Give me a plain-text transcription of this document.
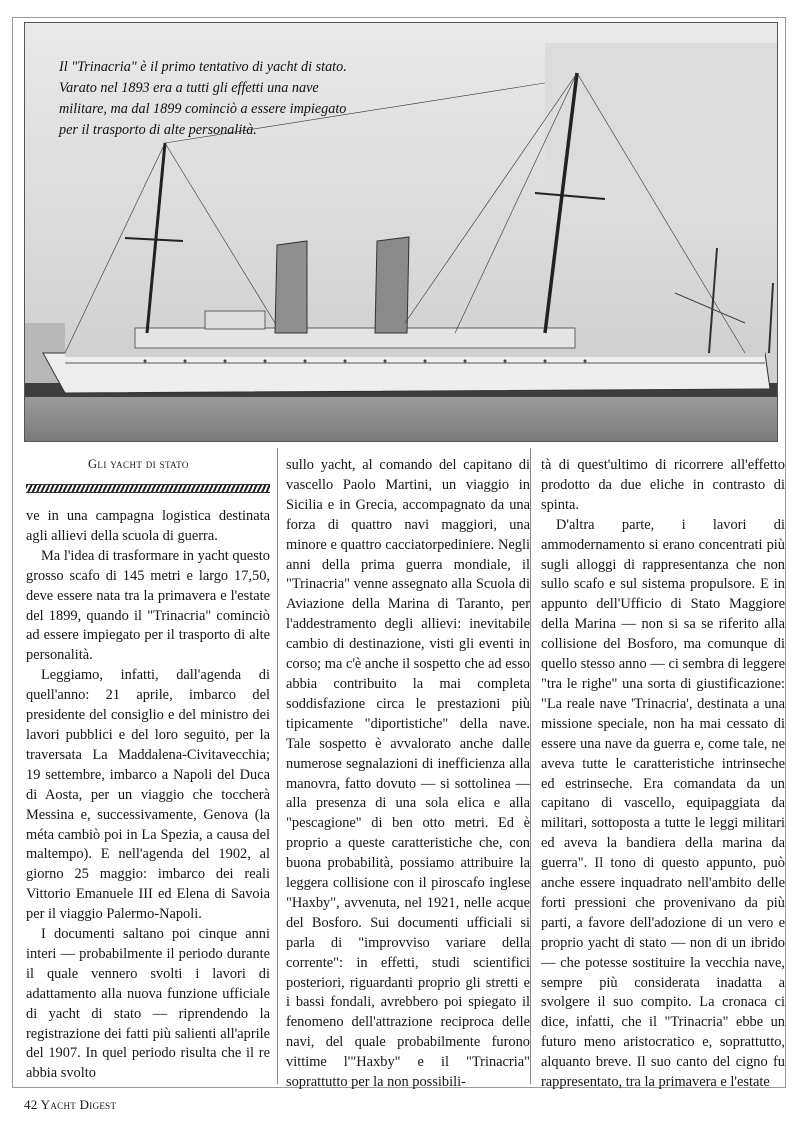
Il "Trinacria" è il primo tentativo di yacht di stato. Varato nel 1893 era a tutti gli effetti una nave militare, ma dal 1899 cominciò a essere impiegato per il trasporto di alte personalità.
Gli yacht di stato

ve in una campagna logistica destinata agli allievi della scuola di guerra.

Ma l'idea di trasformare in yacht questo grosso scafo di 145 metri e largo 17,50, deve essere nata tra la primavera e l'estate del 1899, quando il "Trinacria" cominciò ad essere impiegato per il trasporto di alte personalità.

Leggiamo, infatti, dall'agenda di quell'anno: 21 aprile, imbarco del presidente del consiglio e del ministro dei lavori pubblici e del loro seguito, per la traversata La Maddalena-Civitavecchia; 19 settembre, imbarco a Napoli del Duca di Aosta, per un viaggio che toccherà Messina e, successivamente, Genova (la méta cambiò poi in La Spezia, a causa del maltempo). E nell'agenda del 1902, al giorno 25 maggio: imbarco dei reali Vittorio Emanuele III ed Elena di Savoia per il viaggio Palermo-Napoli.

I documenti saltano poi cinque anni interi — probabilmente il periodo durante il quale vennero svolti i lavori di adattamento alla nuova funzione ufficiale di yacht di stato — riprendendo la registrazione dei fatti più salienti all'aprile del 1907. In quel periodo risulta che il re abbia svolto

sullo yacht, al comando del capitano di vascello Paolo Martini, un viaggio in Sicilia e in Grecia, accompagnato da una forza di quattro navi maggiori, una minore e quattro cacciatorpediniere. Negli anni della prima guerra mondiale, il "Trinacria" venne assegnato alla Scuola di Aviazione della Marina di Taranto, per l'addestramento degli allievi: inevitabile cambio di destinazione, visti gli eventi in corso; ma c'è anche il sospetto che ad esso abbia contribuito la mai completa soddisfazione circa le prestazioni più tipicamente "diportistiche" della nave. Tale sospetto è avvalorato anche dalle numerose segnalazioni di inefficienza alla manovra, fatto dovuto — si sottolinea — alla presenza di una sola elica e alla "pescagione" di ben otto metri. Ed è proprio a queste caratteristiche che, con buona probabilità, possiamo attribuire la leggera collisione con il piroscafo inglese "Haxby", avvenuta, nel 1921, nelle acque del Bosforo. Sui documenti ufficiali si parla di "improvviso variare della corrente": in effetti, studi scientifici posteriori, riguardanti proprio gli stretti e i bassi fondali, avrebbero poi spiegato il fenomeno dell'attrazione reciproca delle navi, del quale probabilmente furono vittime l'"Haxby" e il "Trinacria" soprattutto per la non possibili-

tà di quest'ultimo di ricorrere all'effetto prodotto da due eliche in contrasto di spinta.

D'altra parte, i lavori di ammodernamento si erano concentrati più sugli alloggi di rappresentanza che non sullo scafo e sul sistema propulsore. E in appunto dell'Ufficio di Stato Maggiore della Marina — non si sa se riferito alla collisione del Bosforo, ma comunque di quello stesso anno — ci sembra di leggere "tra le righe" una sorta di giustificazione: "La reale nave 'Trinacria', destinata a una missione speciale, non ha mai cessato di essere una nave da guerra e, come tale, ne aveva tutte le caratteristiche intrinseche ed estrinseche. Era comandata da un capitano di vascello, equipaggiata da militari, sottoposta a tutte le leggi militari ed aveva la bandiera della marina da guerra". Il tono di questo appunto, può anche essere inquadrato nell'ambito delle forti pressioni che provenivano da più parti, a favore dell'adozione di un vero e proprio yacht di stato — non di un ibrido — che potesse sostituire la vecchia nave, sempre più considerata inadatta a svolgere il suo compito. La cronaca ci dice, infatti, che il "Trinacria" ebbe un futuro meno aristocratico e, soprattutto, alquanto breve. Il suo canto del cigno fu rappresentato, tra la primavera e l'estate

42 Yacht Digest
